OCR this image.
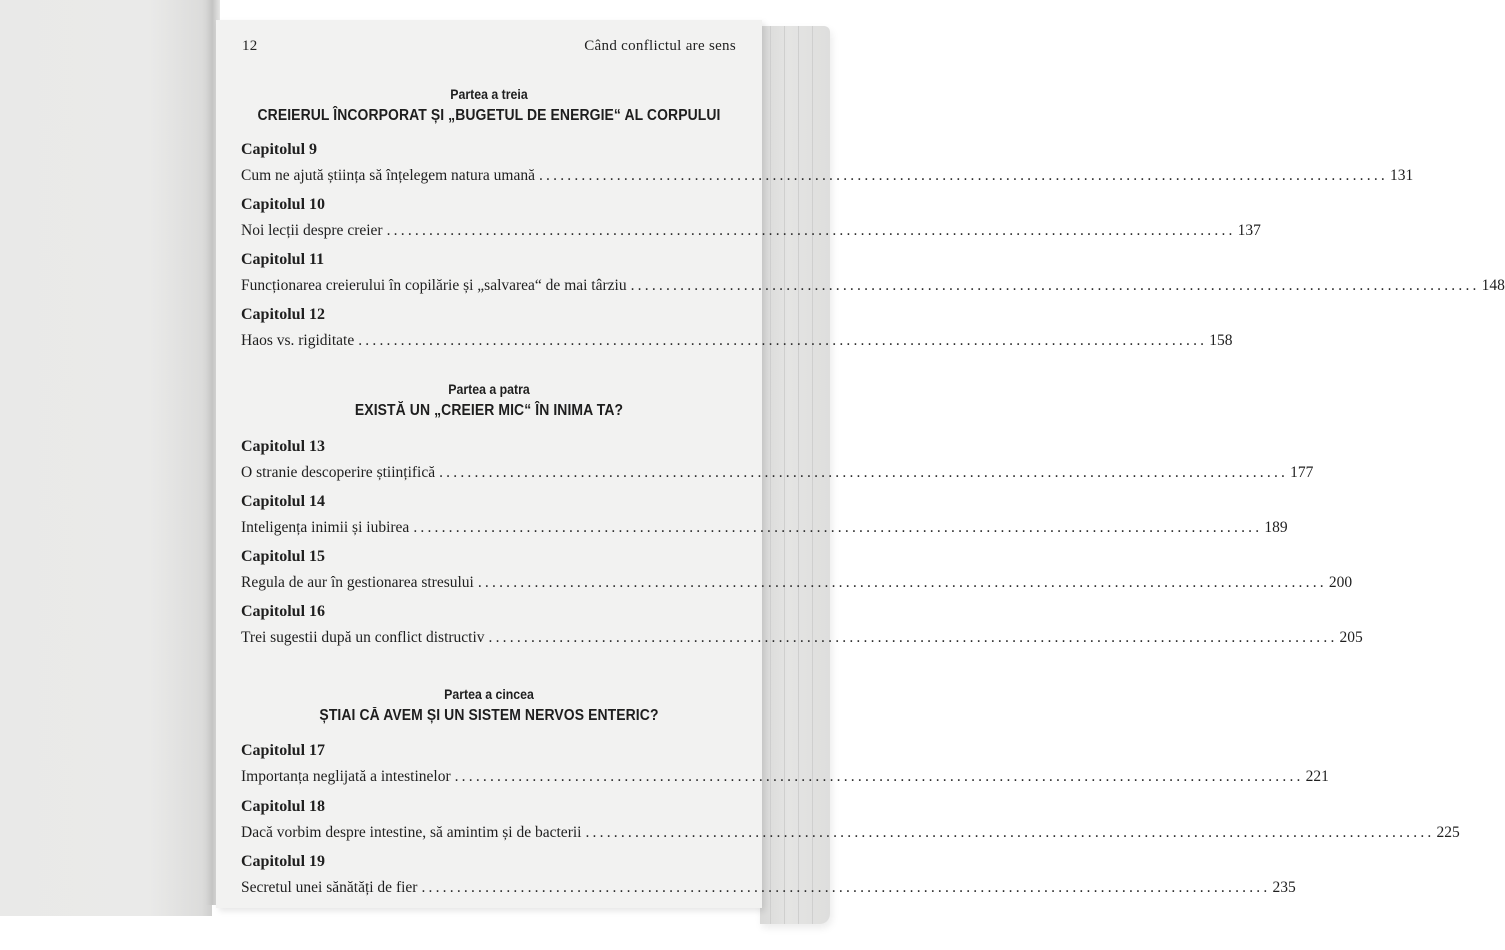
12	Când conflictul are sens
Partea a treia
CREIERUL ÎNCORPORAT ȘI „BUGETUL DE ENERGIE“ AL CORPULUI
Capitolul 9
Cum ne ajută știința să înțelegem natura umană ........................................................................................................................ 131
Capitolul 10
Noi lecții despre creier ........................................................................................................................ 137
Capitolul 11
Funcționarea creierului în copilărie și „salvarea“ de mai târziu ........................................................................................................................ 148
Capitolul 12
Haos vs. rigiditate ........................................................................................................................ 158
Partea a patra
EXISTĂ UN „CREIER MIC“ ÎN INIMA TA?
Capitolul 13
O stranie descoperire științifică ........................................................................................................................ 177
Capitolul 14
Inteligența inimii și iubirea ........................................................................................................................ 189
Capitolul 15
Regula de aur în gestionarea stresului ........................................................................................................................ 200
Capitolul 16
Trei sugestii după un conflict distructiv ........................................................................................................................ 205
Partea a cincea
ȘTIAI CĂ AVEM ȘI UN SISTEM NERVOS ENTERIC?
Capitolul 17
Importanța neglijată a intestinelor ........................................................................................................................ 221
Capitolul 18
Dacă vorbim despre intestine, să amintim și de bacterii ........................................................................................................................ 225
Capitolul 19
Secretul unei sănătăți de fier ........................................................................................................................ 235
